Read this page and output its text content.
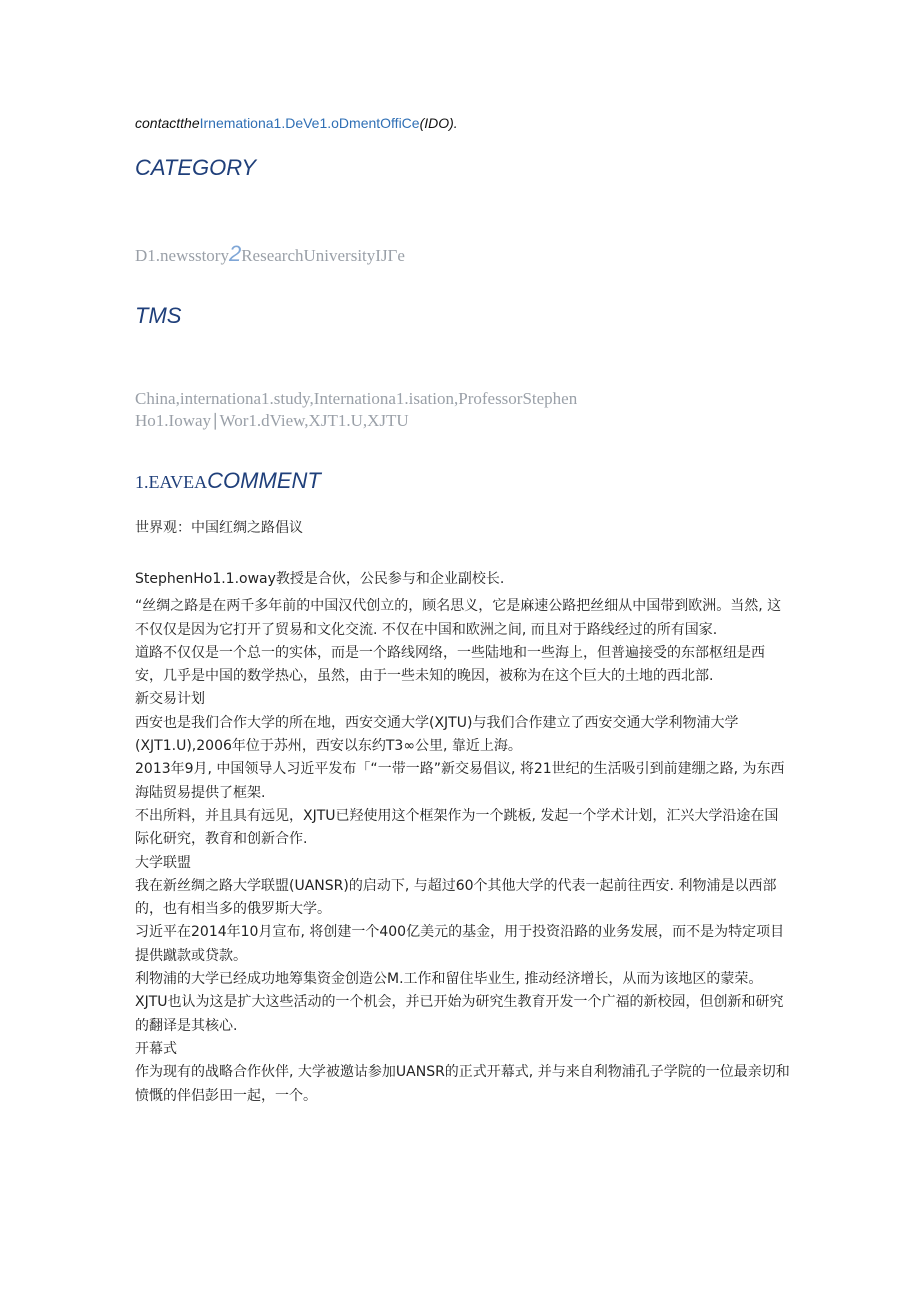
contacttheIrnemationa1.DeVe1.oDmentOffiCe(IDO).
CATEGORY
D1.newsstory2ResearchUniversityIJΓe
TMS
China,internationa1.study,Internationa1.isation,ProfessorStephen
Ho1.Ioway∣Wor1.dView,XJT1.U,XJTU
1.EAVEACOMMENT
世界观：中国红绸之路倡议

StephenHo1.1.oway教授是合伙，公民参与和企业副校长.

“丝绸之路是在两千多年前的中国汉代创立的，顾名思义，它是麻速公路把丝细从中国带到欧洲。当然, 这不仅仅是因为它打开了贸易和文化交流. 不仅在中国和欧洲之间, 而且对于路线经过的所有国家.

道路不仅仅是一个总一的实体，而是一个路线网络，一些陆地和一些海上，但普遍接受的东部枢纽是西安，几乎是中国的数学热心，虽然，由于一些未知的晚因，被称为在这个巨大的土地的西北部.

新交易计划

西安也是我们合作大学的所在地，西安交通大学(XJTU)与我们合作建立了西安交通大学利物浦大学(XJT1.U),2006年位于苏州，西安以东约T3∞公里, 靠近上海。

2013年9月, 中国领导人习近平发布「“一带一路”新交易倡议, 将21世纪的生活吸引到前建绷之路, 为东西海陆贸易提供了框架.

不出所料，并且具有远见，XJTU已羟使用这个框架作为一个跳板, 发起一个学术计划，汇兴大学沿途在国际化研究，教育和创新合作.

大学联盟

我在新丝绸之路大学联盟(UANSR)的启动下, 与超过60个其他大学的代表一起前往西安. 利物浦是以西部的，也有相当多的俄罗斯大学。

习近平在2014年10月宣布, 将创建一个400亿美元的基金，用于投资沿路的业务发展，而不是为特定项目提供蹴款或贷款。

利物浦的大学已经成功地筹集资金创造公M.工作和留住毕业生, 推动经济增长，从而为该地区的蒙荣。XJTU也认为这是扩大这些活动的一个机会，并已开始为研究生教育开发一个广福的新校园，但创新和研究的翻译是其核心.

开幕式

作为现有的战略合作伙伴, 大学被邀诂参加UANSR的正式开幕式, 并与来自利物浦孔子学院的一位最亲切和愤慨的伴侣彭田一起，一个。
